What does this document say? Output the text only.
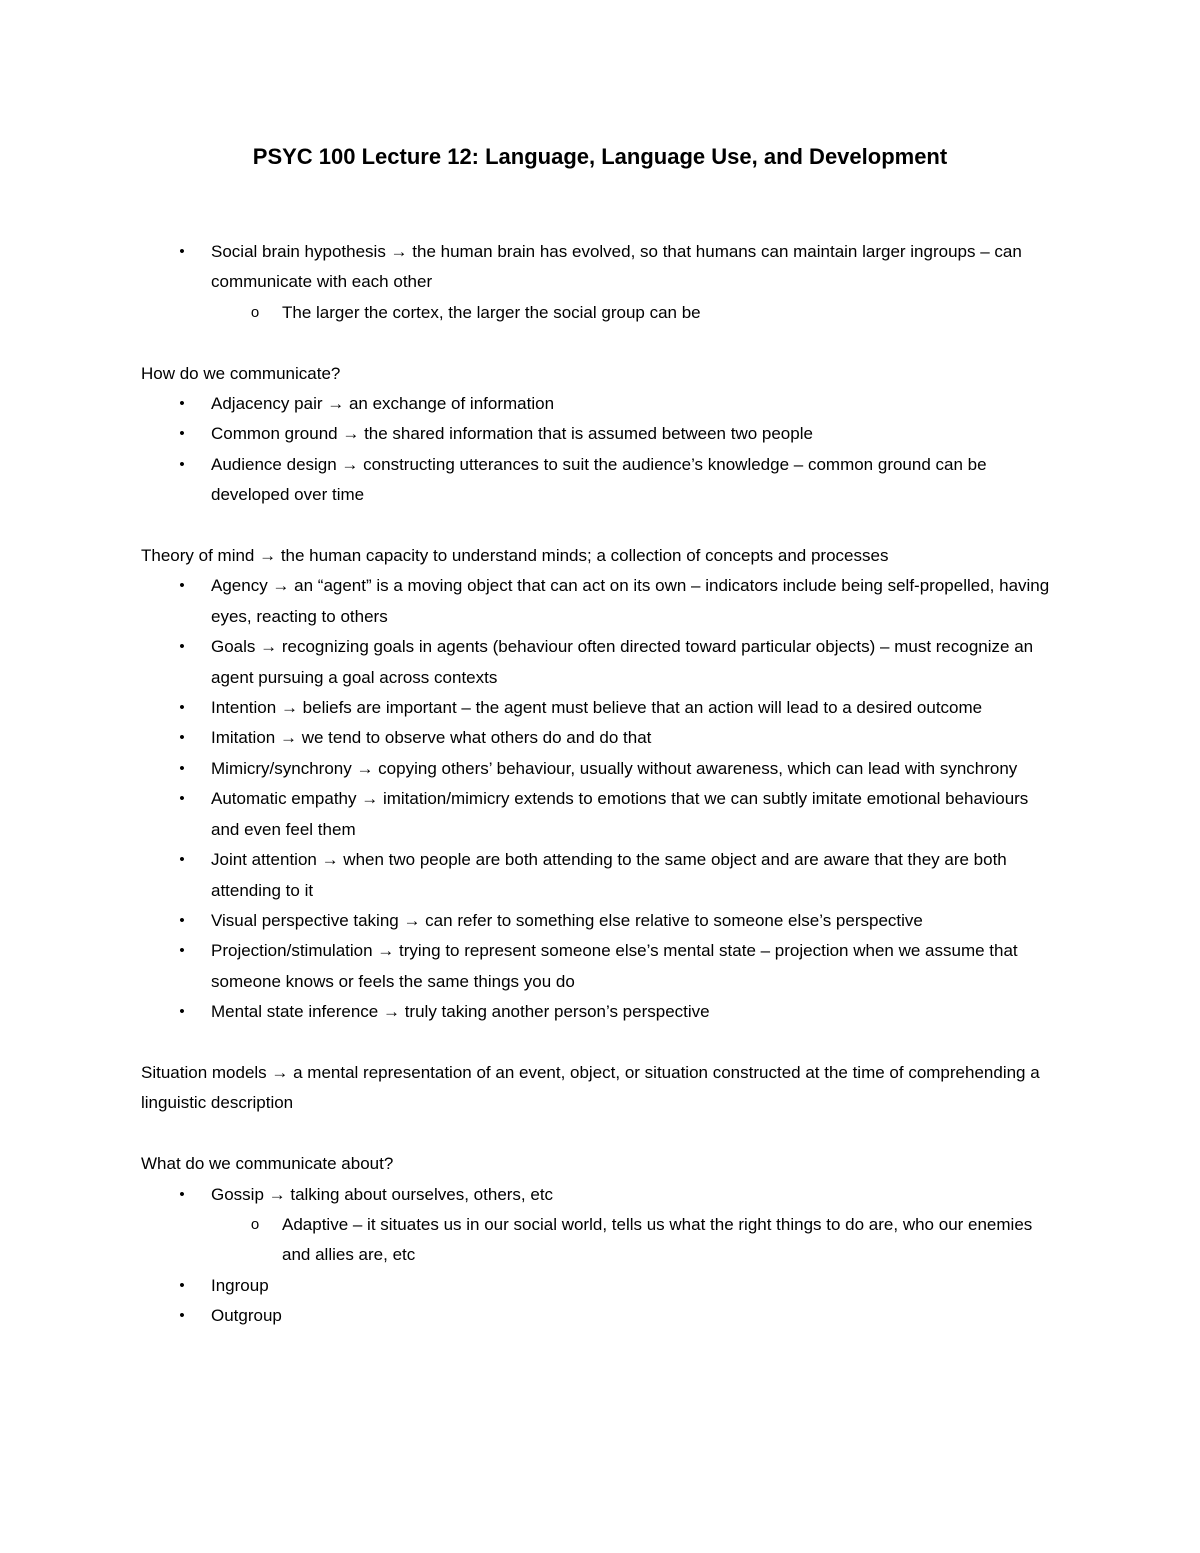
PSYC 100 Lecture 12: Language, Language Use, and Development
•	Social brain hypothesis → the human brain has evolved, so that humans can maintain larger ingroups – can communicate with each other
o	The larger the cortex, the larger the social group can be

How do we communicate?

•	Adjacency pair → an exchange of information
•	Common ground → the shared information that is assumed between two people
•	Audience design → constructing utterances to suit the audience’s knowledge – common ground can be developed over time

Theory of mind → the human capacity to understand minds; a collection of concepts and processes

•	Agency → an “agent” is a moving object that can act on its own – indicators include being self-propelled, having eyes, reacting to others
•	Goals → recognizing goals in agents (behaviour often directed toward particular objects) – must recognize an agent pursuing a goal across contexts
•	Intention → beliefs are important – the agent must believe that an action will lead to a desired outcome
•	Imitation → we tend to observe what others do and do that
•	Mimicry/synchrony → copying others’ behaviour, usually without awareness, which can lead with synchrony
•	Automatic empathy → imitation/mimicry extends to emotions that we can subtly imitate emotional behaviours and even feel them
•	Joint attention → when two people are both attending to the same object and are aware that they are both attending to it
•	Visual perspective taking → can refer to something else relative to someone else’s perspective
•	Projection/stimulation → trying to represent someone else’s mental state – projection when we assume that someone knows or feels the same things you do
•	Mental state inference → truly taking another person’s perspective

Situation models → a mental representation of an event, object, or situation constructed at the time of comprehending a linguistic description

What do we communicate about?

•	Gossip → talking about ourselves, others, etc
o	Adaptive – it situates us in our social world, tells us what the right things to do are, who our enemies and allies are, etc
•	Ingroup
•	Outgroup
